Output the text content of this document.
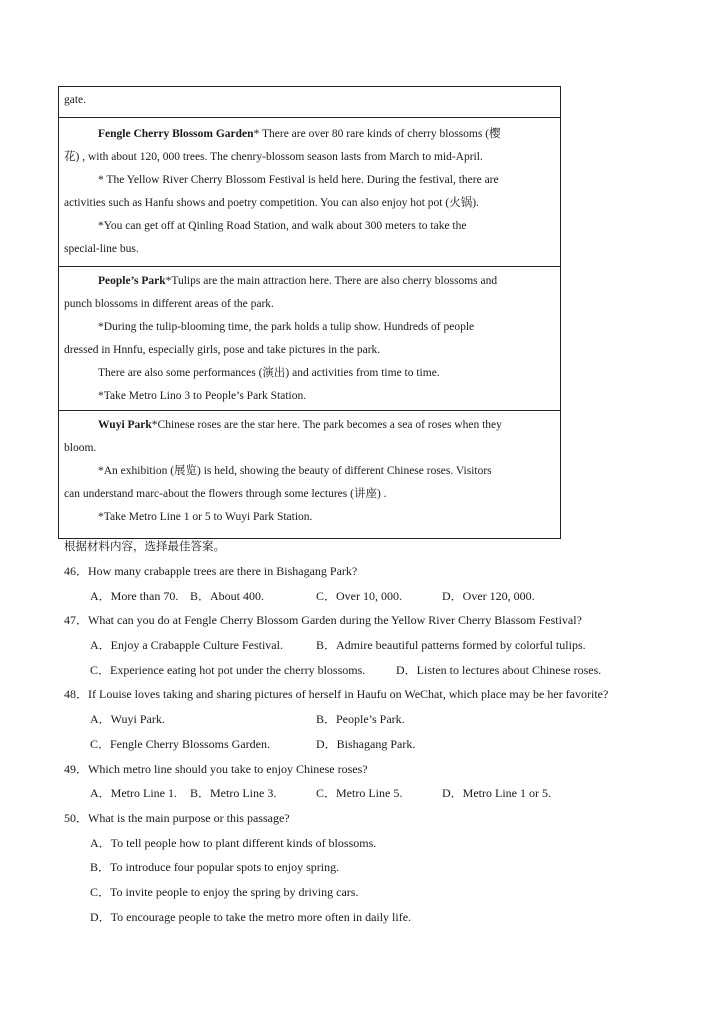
gate.

Fengle Cherry Blossom Garden* There are over 80 rare kinds of cherry blossoms (樱

花) , with about 120, 000 trees. The chenry-blossom season lasts from March to mid-April.

* The Yellow River Cherry Blossom Festival is held here. During the festival, there are

activities such as Hanfu shows and poetry competition. You can also enjoy hot pot (火锅).

*You can get off at Qinling Road Station, and walk about 300 meters to take the

special-line bus.

People’s Park*Tulips are the main attraction here. There are also cherry blossoms and

punch blossoms in different areas of the park.

*During the tulip-blooming time, the park holds a tulip show. Hundreds of people

dressed in Hnnfu, especially girls, pose and take pictures in the park.

There are also some performances (演出) and activities from time to time.

*Take Metro Lino 3 to People’s Park Station.

Wuyi Park*Chinese roses are the star here. The park becomes a sea of roses when they

bloom.

*An exhibition (展览) is held, showing the beauty of different Chinese roses. Visitors

can understand marc-about the flowers through some lectures (讲座) .

*Take Metro Line 1 or 5 to Wuyi Park Station.

根据材料内容，选择最佳答案。
46．How many crabapple trees are there in Bishagang Park?
A．More than 70. B．About 400.	C．Over 10, 000.	D．Over 120, 000.
47．What can you do at Fengle Cherry Blossom Garden during the Yellow River Cherry Blassom Festival?
A．Enjoy a Crabapple Culture Festival.	B．Admire beautiful patterns formed by colorful tulips.
C．Experience eating hot pot under the cherry blossoms.	D．Listen to lectures about Chinese roses.
48．If Louise loves taking and sharing pictures of herself in Haufu on WeChat, which place may be her favorite?
A．Wuyi Park.	B．People’s Park.
C．Fengle Cherry Blossoms Garden.	D．Bishagang Park.
49．Which metro line should you take to enjoy Chinese roses?
A．Metro Line 1. B．Metro Line 3.	C．Metro Line 5.	D．Metro Line 1 or 5.
50．What is the main purpose or this passage?
A．To tell people how to plant different kinds of blossoms.
B．To introduce four popular spots to enjoy spring.
C．To invite people to enjoy the spring by driving cars.
D．To encourage people to take the metro more often in daily life.
